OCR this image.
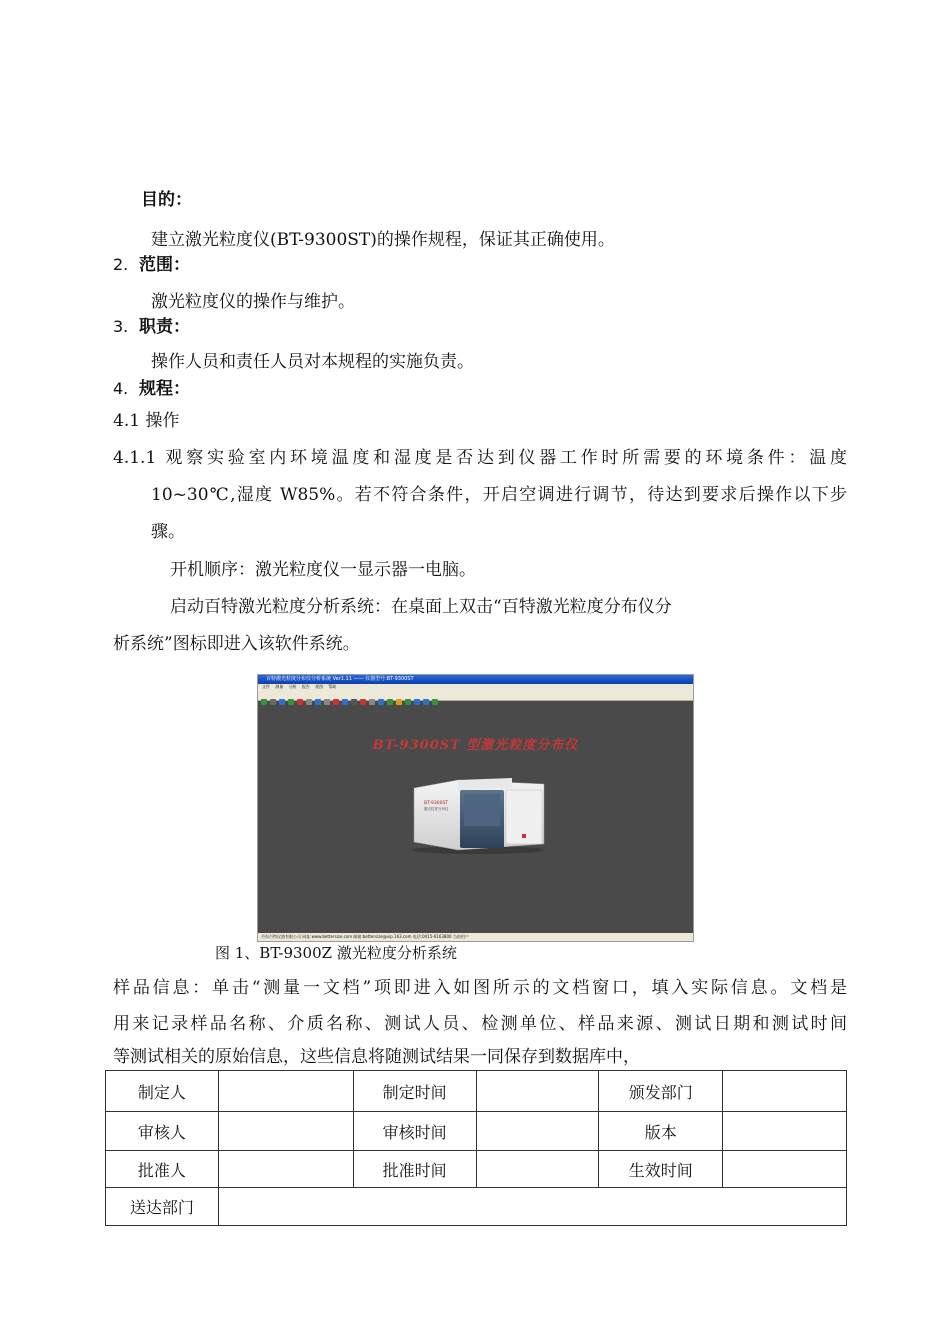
目的：
建立激光粒度仪(BT-9300ST)的操作规程，保证其正确使用。
2. 范围：
激光粒度仪的操作与维护。
3. 职责：
操作人员和责任人员对本规程的实施负责。
4. 规程：
4.1 操作
4.1.1 观察实验室内环境温度和湿度是否达到仪器工作时所需要的环境条件：温度
10~30℃,湿度 W85%。若不符合条件，开启空调进行调节，待达到要求后操作以下步
骤。
开机顺序：激光粒度仪一显示器一电脑。
启动百特激光粒度分析系统：在桌面上双击“百特激光粒度分布仪分
析系统”图标即进入该软件系统。
百特激光粒度分布仪分析系统 Ver1.11 —— 仪器型号:BT-9300ST
文件 测量 分析 报告 视图 帮助
BT-9300ST 型激光粒度分布仪
BT-9300ST
激光粒度分布仪
丹东百特仪器有限公司 网址:www.bettersize.com 邮箱:bettersize@vip.163.com 电话:0415-6163800 当前用户
图 1、BT-9300Z 激光粒度分析系统
样品信息：单击“测量一文档”项即进入如图所示的文档窗口，填入实际信息。文档是
用来记录样品名称、介质名称、测试人员、检测单位、样品来源、测试日期和测试时间
等测试相关的原始信息，这些信息将随测试结果一同保存到数据库中，
制定人		制定时间		颁发部门	
审核人		审核时间		版本	
批准人		批准时间		生效时间	
送达部门					
